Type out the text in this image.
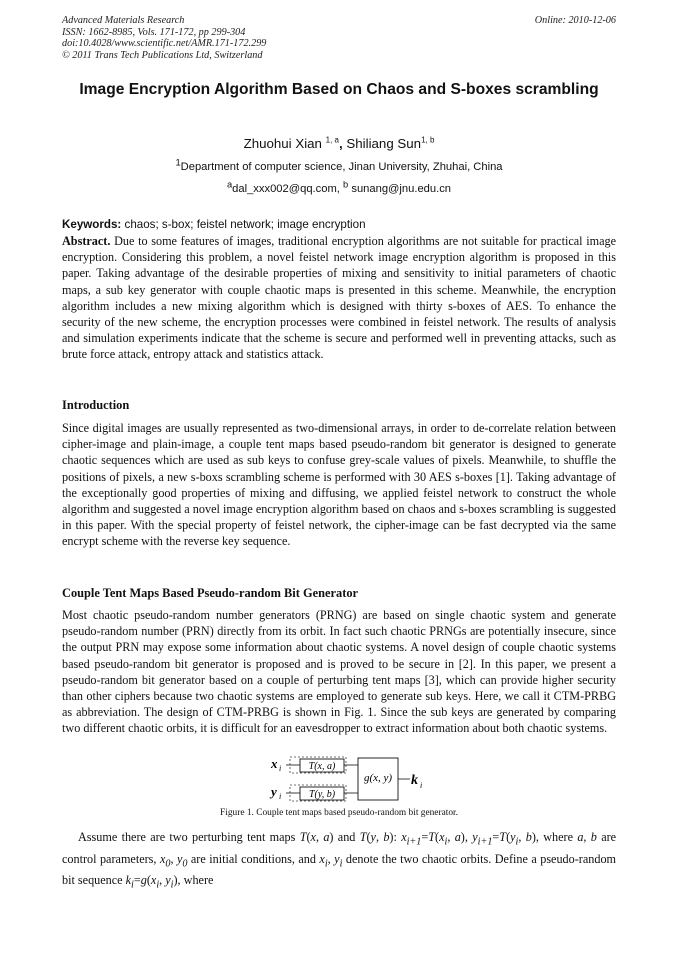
Advanced Materials Research
ISSN: 1662-8985, Vols. 171-172, pp 299-304
doi:10.4028/www.scientific.net/AMR.171-172.299
© 2011 Trans Tech Publications Ltd, Switzerland
Online: 2010-12-06
Image Encryption Algorithm Based on Chaos and S-boxes scrambling
Zhuohui Xian $^{1, a}$, Shiliang Sun$^{1, b}$
$^1$Department of computer science, Jinan University, Zhuhai, China
$^a$dal_xxx002@qq.com, $^b$ sunang@jnu.edu.cn
Keywords: chaos; s-box; feistel network; image encryption
Abstract. Due to some features of images, traditional encryption algorithms are not suitable for practical image encryption. Considering this problem, a novel feistel network image encryption algorithm is proposed in this paper. Taking advantage of the desirable properties of mixing and sensitivity to initial parameters of chaotic maps, a sub key generator with couple chaotic maps is presented in this scheme. Meanwhile, the encryption algorithm includes a new mixing algorithm which is designed with thirty s-boxes of AES. To enhance the security of the new scheme, the encryption processes were combined in feistel network. The results of analysis and simulation experiments indicate that the scheme is secure and performed well in preventing attacks, such as brute force attack, entropy attack and statistics attack.
Introduction
Since digital images are usually represented as two-dimensional arrays, in order to de-correlate relation between cipher-image and plain-image, a couple tent maps based pseudo-random bit generator is designed to generate chaotic sequences which are used as sub keys to confuse grey-scale values of pixels. Meanwhile, to shuffle the positions of pixels, a new s-boxs scrambling scheme is performed with 30 AES s-boxes [1]. Taking advantage of the exceptionally good properties of mixing and diffusing, we applied feistel network to construct the whole algorithm and suggested a novel image encryption algorithm based on chaos and s-boxes scrambling is suggested in this paper. With the special property of feistel network, the cipher-image can be fast decrypted via the same encrypt scheme with the reverse key sequence.
Couple Tent Maps Based Pseudo-random Bit Generator
Most chaotic pseudo-random number generators (PRNG) are based on single chaotic system and generate pseudo-random number (PRN) directly from its orbit. In fact such chaotic PRNGs are potentially insecure, since the output PRN may expose some information about chaotic systems. A novel design of couple chaotic systems based pseudo-random bit generator is proposed and is proved to be secure in [2]. In this paper, we present a pseudo-random bit generator based on a couple of perturbing tent maps [3], which can provide higher security than other ciphers because two chaotic systems are employed to generate sub keys. Here, we call it CTM-PRBG as abbreviation. The design of CTM-PRBG is shown in Fig. 1. Since the sub keys are generated by comparing two different chaotic orbits, it is difficult for an eavesdropper to extract information about both chaotic systems.
x i
y i
T(x, a)
T(y, b)
g(x, y) k i
Figure 1. Couple tent maps based pseudo-random bit generator.
Assume there are two perturbing tent maps T(x, a) and T(y, b): $x_{i+1}=T(x_i$, a), $y_{i+1}=T(y_i$, b), where a, b are control parameters, $x_0$, $y_0$ are initial conditions, and $x_i$, $y_i$ denote the two chaotic orbits. Define a pseudo-random bit sequence $k_i=g(x_i$, $y_i$), where
